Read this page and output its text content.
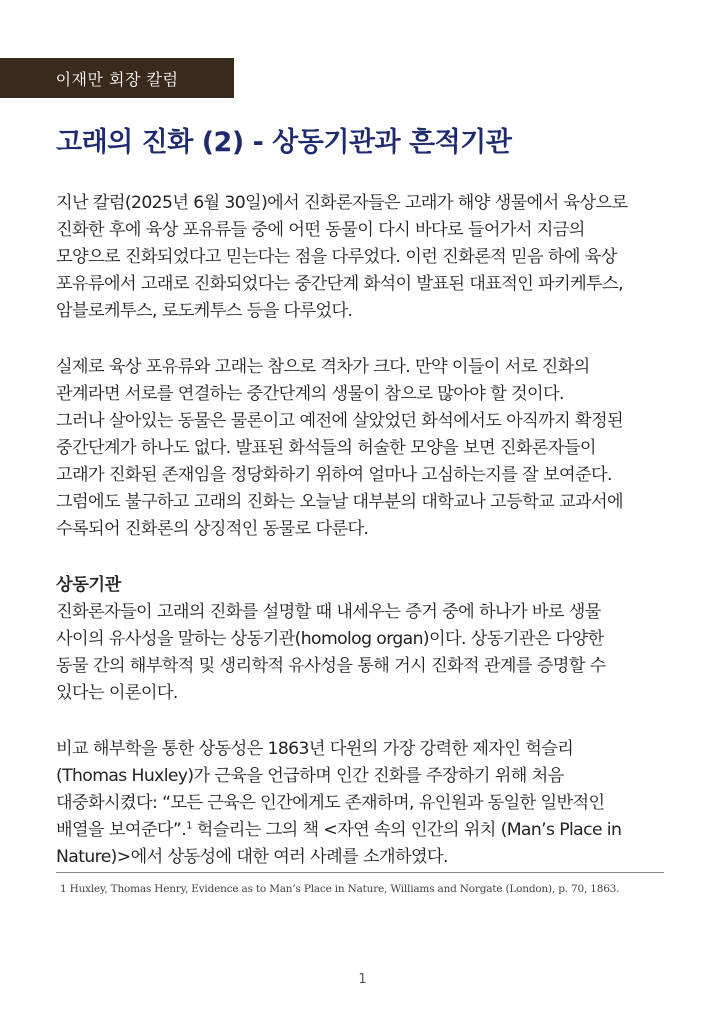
이재만 회장 칼럼
고래의 진화 (2) - 상동기관과 흔적기관

지난 칼럼(2025년 6월 30일)에서 진화론자들은 고래가 해양 생물에서 육상으로
진화한 후에 육상 포유류들 중에 어떤 동물이 다시 바다로 들어가서 지금의
모양으로 진화되었다고 믿는다는 점을 다루었다. 이런 진화론적 믿음 하에 육상
포유류에서 고래로 진화되었다는 중간단계 화석이 발표된 대표적인 파키케투스,
암블로케투스, 로도케투스 등을 다루었다.

실제로 육상 포유류와 고래는 참으로 격차가 크다. 만약 이들이 서로 진화의
관계라면 서로를 연결하는 중간단계의 생물이 참으로 많아야 할 것이다.
그러나 살아있는 동물은 물론이고 예전에 살았었던 화석에서도 아직까지 확정된
중간단계가 하나도 없다. 발표된 화석들의 허술한 모양을 보면 진화론자들이
고래가 진화된 존재임을 정당화하기 위하여 얼마나 고심하는지를 잘 보여준다.
그럼에도 불구하고 고래의 진화는 오늘날 대부분의 대학교나 고등학교 교과서에
수록되어 진화론의 상징적인 동물로 다룬다.

상동기관

진화론자들이 고래의 진화를 설명할 때 내세우는 증거 중에 하나가 바로 생물
사이의 유사성을 말하는 상동기관(homolog organ)이다. 상동기관은 다양한
동물 간의 해부학적 및 생리학적 유사성을 통해 거시 진화적 관계를 증명할 수
있다는 이론이다.

비교 해부학을 통한 상동성은 1863년 다윈의 가장 강력한 제자인 헉슬리
(Thomas Huxley)가 근육을 언급하며 인간 진화를 주장하기 위해 처음
대중화시켰다: “모든 근육은 인간에게도 존재하며, 유인원과 동일한 일반적인
배열을 보여준다”.$^1$ 헉슬리는 그의 책 <자연 속의 인간의 위치 (Man’s Place in
Nature)>에서 상동성에 대한 여러 사례를 소개하였다.

1 Huxley, Thomas Henry, Evidence as to Man’s Place in Nature, Williams and Norgate (London), p. 70, 1863.

1
